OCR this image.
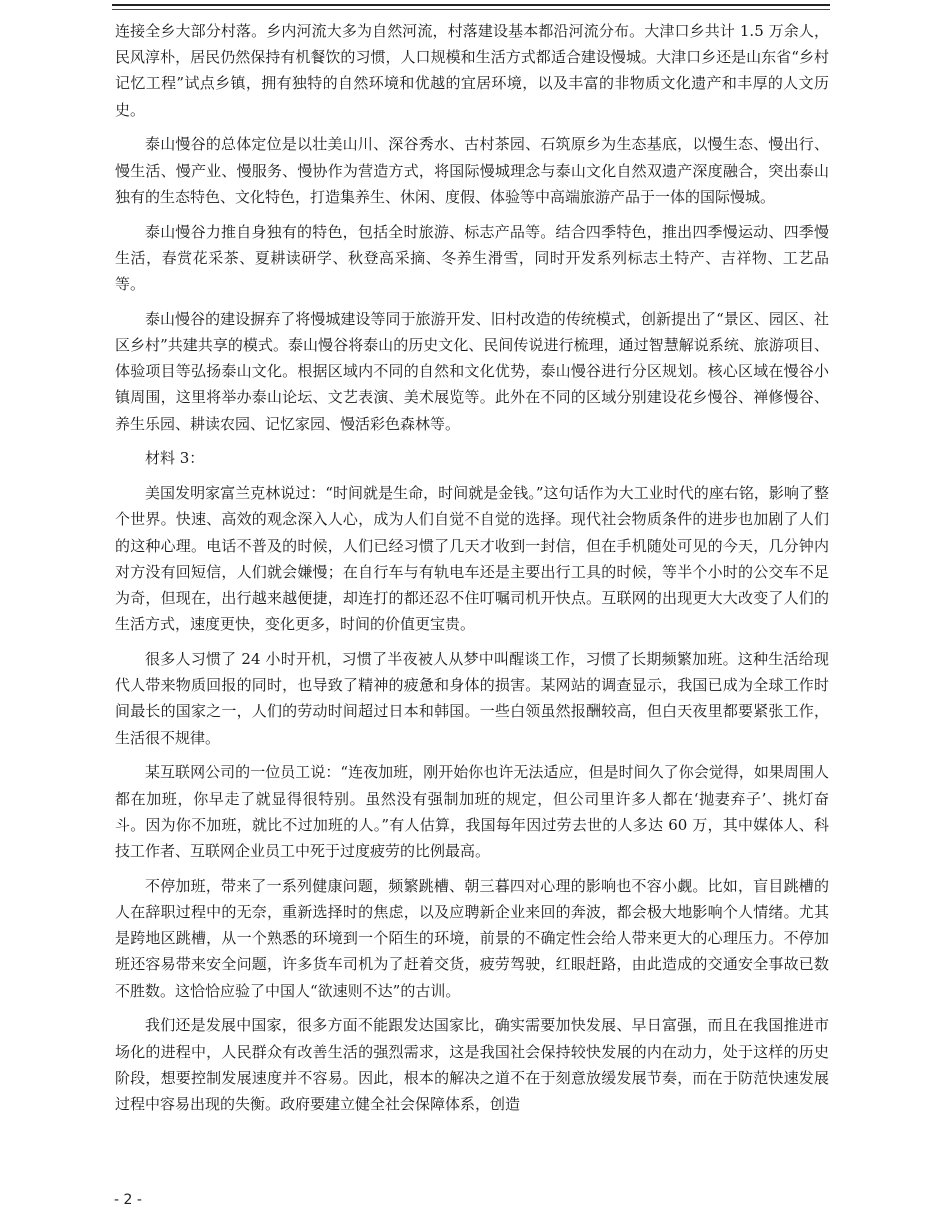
连接全乡大部分村落。乡内河流大多为自然河流，村落建设基本都沿河流分布。大津口乡共计 1.5 万余人，民风淳朴，居民仍然保持有机餐饮的习惯，人口规模和生活方式都适合建设慢城。大津口乡还是山东省“乡村记忆工程”试点乡镇，拥有独特的自然环境和优越的宜居环境，以及丰富的非物质文化遗产和丰厚的人文历史。

泰山慢谷的总体定位是以壮美山川、深谷秀水、古村茶园、石筑原乡为生态基底，以慢生态、慢出行、慢生活、慢产业、慢服务、慢协作为营造方式，将国际慢城理念与泰山文化自然双遗产深度融合，突出泰山独有的生态特色、文化特色，打造集养生、休闲、度假、体验等中高端旅游产品于一体的国际慢城。

泰山慢谷力推自身独有的特色，包括全时旅游、标志产品等。结合四季特色，推出四季慢运动、四季慢生活，春赏花采茶、夏耕读研学、秋登高采摘、冬养生滑雪，同时开发系列标志土特产、吉祥物、工艺品等。

泰山慢谷的建设摒弃了将慢城建设等同于旅游开发、旧村改造的传统模式，创新提出了“景区、园区、社区乡村”共建共享的模式。泰山慢谷将泰山的历史文化、民间传说进行梳理，通过智慧解说系统、旅游项目、体验项目等弘扬泰山文化。根据区域内不同的自然和文化优势，泰山慢谷进行分区规划。核心区域在慢谷小镇周围，这里将举办泰山论坛、文艺表演、美术展览等。此外在不同的区域分别建设花乡慢谷、禅修慢谷、养生乐园、耕读农园、记忆家园、慢活彩色森林等。

材料 3：

美国发明家富兰克林说过：“时间就是生命，时间就是金钱。”这句话作为大工业时代的座右铭，影响了整个世界。快速、高效的观念深入人心，成为人们自觉不自觉的选择。现代社会物质条件的进步也加剧了人们的这种心理。电话不普及的时候，人们已经习惯了几天才收到一封信，但在手机随处可见的今天，几分钟内对方没有回短信，人们就会嫌慢；在自行车与有轨电车还是主要出行工具的时候，等半个小时的公交车不足为奇，但现在，出行越来越便捷，却连打的都还忍不住叮嘱司机开快点。互联网的出现更大大改变了人们的生活方式，速度更快，变化更多，时间的价值更宝贵。

很多人习惯了 24 小时开机，习惯了半夜被人从梦中叫醒谈工作，习惯了长期频繁加班。这种生活给现代人带来物质回报的同时，也导致了精神的疲惫和身体的损害。某网站的调查显示，我国已成为全球工作时间最长的国家之一，人们的劳动时间超过日本和韩国。一些白领虽然报酬较高，但白天夜里都要紧张工作，生活很不规律。

某互联网公司的一位员工说：“连夜加班，刚开始你也许无法适应，但是时间久了你会觉得，如果周围人都在加班，你早走了就显得很特别。虽然没有强制加班的规定，但公司里许多人都在‘抛妻弃子’、挑灯奋斗。因为你不加班，就比不过加班的人。”有人估算，我国每年因过劳去世的人多达 60 万，其中媒体人、科技工作者、互联网企业员工中死于过度疲劳的比例最高。

不停加班，带来了一系列健康问题，频繁跳槽、朝三暮四对心理的影响也不容小觑。比如，盲目跳槽的人在辞职过程中的无奈，重新选择时的焦虑，以及应聘新企业来回的奔波，都会极大地影响个人情绪。尤其是跨地区跳槽，从一个熟悉的环境到一个陌生的环境，前景的不确定性会给人带来更大的心理压力。不停加班还容易带来安全问题，许多货车司机为了赶着交货，疲劳驾驶，红眼赶路，由此造成的交通安全事故已数不胜数。这恰恰应验了中国人“欲速则不达”的古训。

我们还是发展中国家，很多方面不能跟发达国家比，确实需要加快发展、早日富强，而且在我国推进市场化的进程中，人民群众有改善生活的强烈需求，这是我国社会保持较快发展的内在动力，处于这样的历史阶段，想要控制发展速度并不容易。因此，根本的解决之道不在于刻意放缓发展节奏，而在于防范快速发展过程中容易出现的失衡。政府要建立健全社会保障体系，创造

- 2 -
